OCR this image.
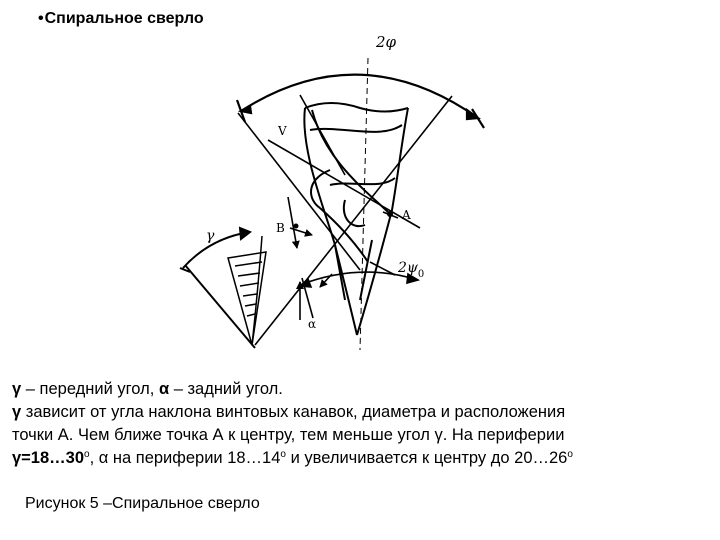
•Спиральное сверло
2φ
V
B
A
γ
$2\psi_0$
α

γ – передний угол, α – задний угол.

γ зависит от угла наклона винтовых канавок, диаметра и расположения

точки А. Чем ближе точка А к центру, тем меньше угол γ. На периферии

$\gamma=18\dots 30^o$, α на периферии 18…14$^o$ и увеличивается к центру до 20…26$^o$

Рисунок 5 –Спиральное сверло
